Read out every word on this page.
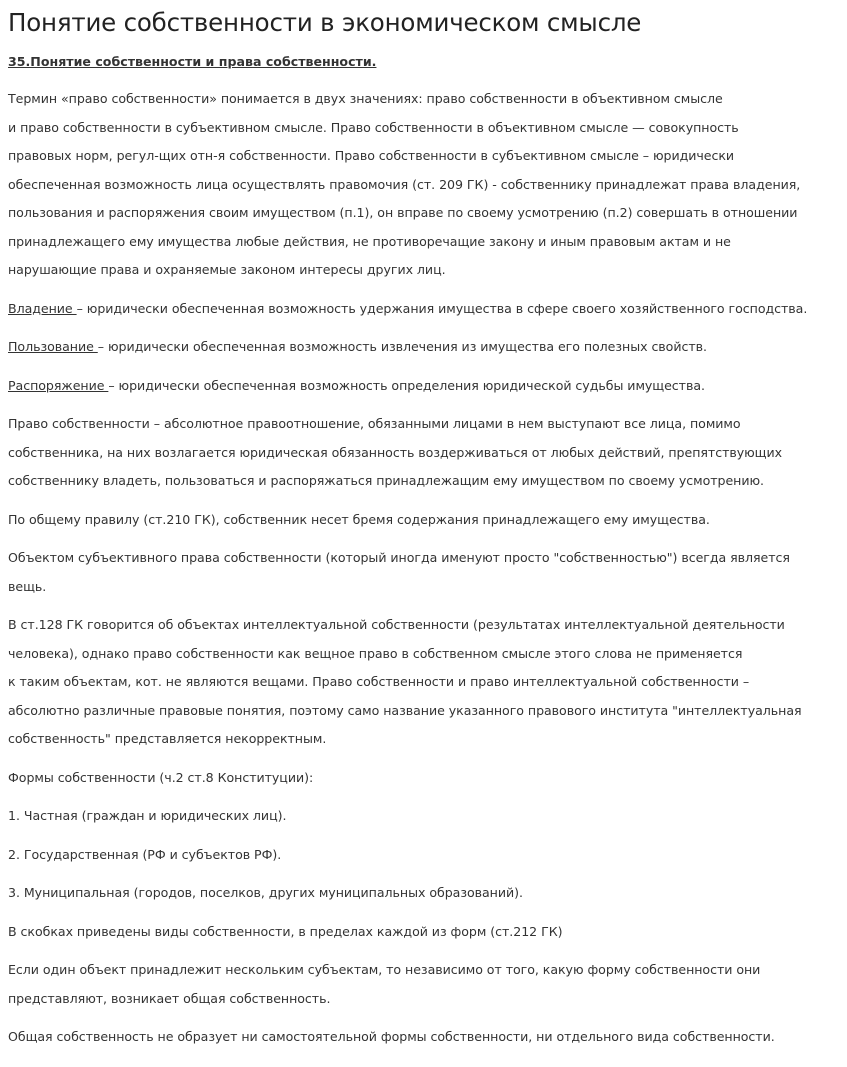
Понятие собственности в экономическом смысле
35.Понятие собственности и права собственности.
Термин «право собственности» понимается в двух значениях: право собственности в объективном смысле
и право собственности в субъективном смысле. Право собственности в объективном смысле — совокупность
правовых норм, регул-щих отн-я собственности. Право собственности в субъективном смысле – юридически
обеспеченная возможность лица осуществлять правомочия (ст. 209 ГК) - собственнику принадлежат права владения,
пользования и распоряжения своим имуществом (п.1), он вправе по своему усмотрению (п.2) совершать в отношении
принадлежащего ему имущества любые действия, не противоречащие закону и иным правовым актам и не
нарушающие права и охраняемые законом интересы других лиц.
Владение – юридически обеспеченная возможность удержания имущества в сфере своего хозяйственного господства.
Пользование – юридически обеспеченная возможность извлечения из имущества его полезных свойств.
Распоряжение – юридически обеспеченная возможность определения юридической судьбы имущества.
Право собственности – абсолютное правоотношение, обязанными лицами в нем выступают все лица, помимо
собственника, на них возлагается юридическая обязанность воздерживаться от любых действий, препятствующих
собственнику владеть, пользоваться и распоряжаться принадлежащим ему имуществом по своему усмотрению.
По общему правилу (ст.210 ГК), собственник несет бремя содержания принадлежащего ему имущества.
Объектом субъективного права собственности (который иногда именуют просто "собственностью") всегда является
вещь.
В ст.128 ГК говорится об объектах интеллектуальной собственности (результатах интеллектуальной деятельности
человека), однако право собственности как вещное право в собственном смысле этого слова не применяется
к таким объектам, кот. не являются вещами. Право собственности и право интеллектуальной собственности –
абсолютно различные правовые понятия, поэтому само название указанного правового института "интеллектуальная
собственность" представляется некорректным.
Формы собственности (ч.2 ст.8 Конституции):
1. Частная (граждан и юридических лиц).
2. Государственная (РФ и субъектов РФ).
3. Муниципальная (городов, поселков, других муниципальных образований).
В скобках приведены виды собственности, в пределах каждой из форм (ст.212 ГК)
Если один объект принадлежит нескольким субъектам, то независимо от того, какую форму собственности они
представляют, возникает общая собственность.
Общая собственность не образует ни самостоятельной формы собственности, ни отдельного вида собственности.
